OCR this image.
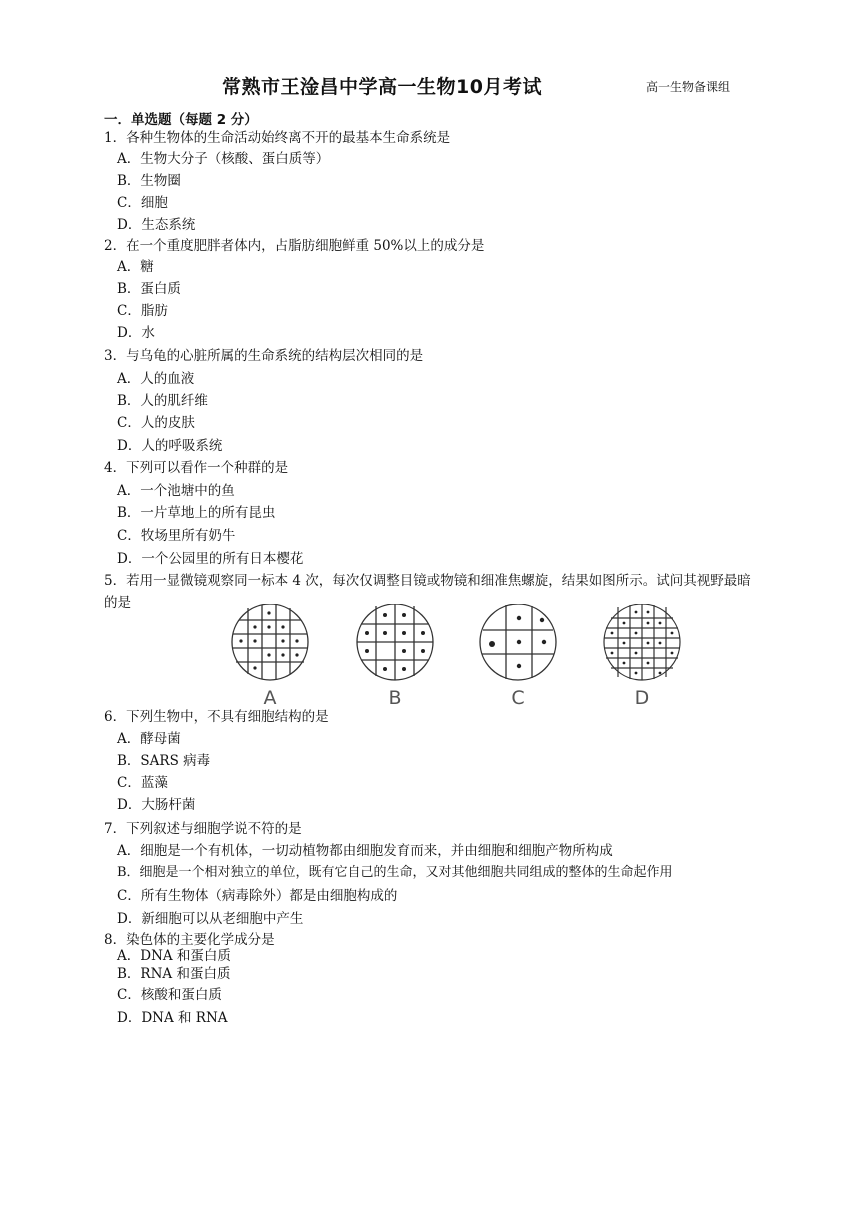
常熟市王淦昌中学高一生物10月考试	高一生物备课组
一．单选题（每题 2 分）
1．各种生物体的生命活动始终离不开的最基本生命系统是
A．生物大分子（核酸、蛋白质等）
B．生物圈
C．细胞
D．生态系统
2．在一个重度肥胖者体内，占脂肪细胞鲜重 50%以上的成分是
A．糖
B．蛋白质
C．脂肪
D．水
3．与乌龟的心脏所属的生命系统的结构层次相同的是
A．人的血液
B．人的肌纤维
C．人的皮肤
D．人的呼吸系统
4．下列可以看作一个种群的是
A．一个池塘中的鱼
B．一片草地上的所有昆虫
C．牧场里所有奶牛
D．一个公园里的所有日本樱花
5．若用一显微镜观察同一标本 4 次，每次仅调整目镜或物镜和细准焦螺旋，结果如图所示。试问其视野最暗的是
A	B	C	D
6．下列生物中，不具有细胞结构的是
A．酵母菌
B．SARS 病毒
C．蓝藻
D．大肠杆菌
7．下列叙述与细胞学说不符的是
A．细胞是一个有机体，一切动植物都由细胞发育而来，并由细胞和细胞产物所构成
B．细胞是一个相对独立的单位，既有它自己的生命，又对其他细胞共同组成的整体的生命起作用
C．所有生物体（病毒除外）都是由细胞构成的
D．新细胞可以从老细胞中产生
8．染色体的主要化学成分是
A．DNA 和蛋白质
B．RNA 和蛋白质
C．核酸和蛋白质
D．DNA 和 RNA
